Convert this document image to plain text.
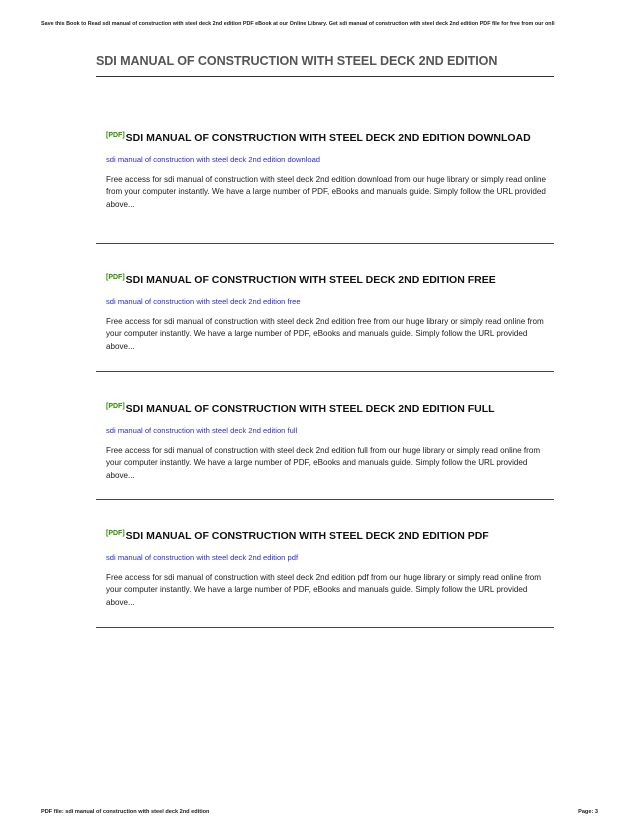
Save this Book to Read sdi manual of construction with steel deck 2nd edition PDF eBook at our Online Library. Get sdi manual of construction with steel deck 2nd edition PDF file for free from our onli
SDI MANUAL OF CONSTRUCTION WITH STEEL DECK 2ND EDITION
[PDF]SDI MANUAL OF CONSTRUCTION WITH STEEL DECK 2ND EDITION DOWNLOAD
sdi manual of construction with steel deck 2nd edition download
Free access for sdi manual of construction with steel deck 2nd edition download from our huge library or simply read online from your computer instantly. We have a large number of PDF, eBooks and manuals guide. Simply follow the URL provided above...
[PDF]SDI MANUAL OF CONSTRUCTION WITH STEEL DECK 2ND EDITION FREE
sdi manual of construction with steel deck 2nd edition free
Free access for sdi manual of construction with steel deck 2nd edition free from our huge library or simply read online from your computer instantly. We have a large number of PDF, eBooks and manuals guide. Simply follow the URL provided above...
[PDF]SDI MANUAL OF CONSTRUCTION WITH STEEL DECK 2ND EDITION FULL
sdi manual of construction with steel deck 2nd edition full
Free access for sdi manual of construction with steel deck 2nd edition full from our huge library or simply read online from your computer instantly. We have a large number of PDF, eBooks and manuals guide. Simply follow the URL provided above...
[PDF]SDI MANUAL OF CONSTRUCTION WITH STEEL DECK 2ND EDITION PDF
sdi manual of construction with steel deck 2nd edition pdf
Free access for sdi manual of construction with steel deck 2nd edition pdf from our huge library or simply read online from your computer instantly. We have a large number of PDF, eBooks and manuals guide. Simply follow the URL provided above...
PDF file: sdi manual of construction with steel deck 2nd edition	Page: 3
